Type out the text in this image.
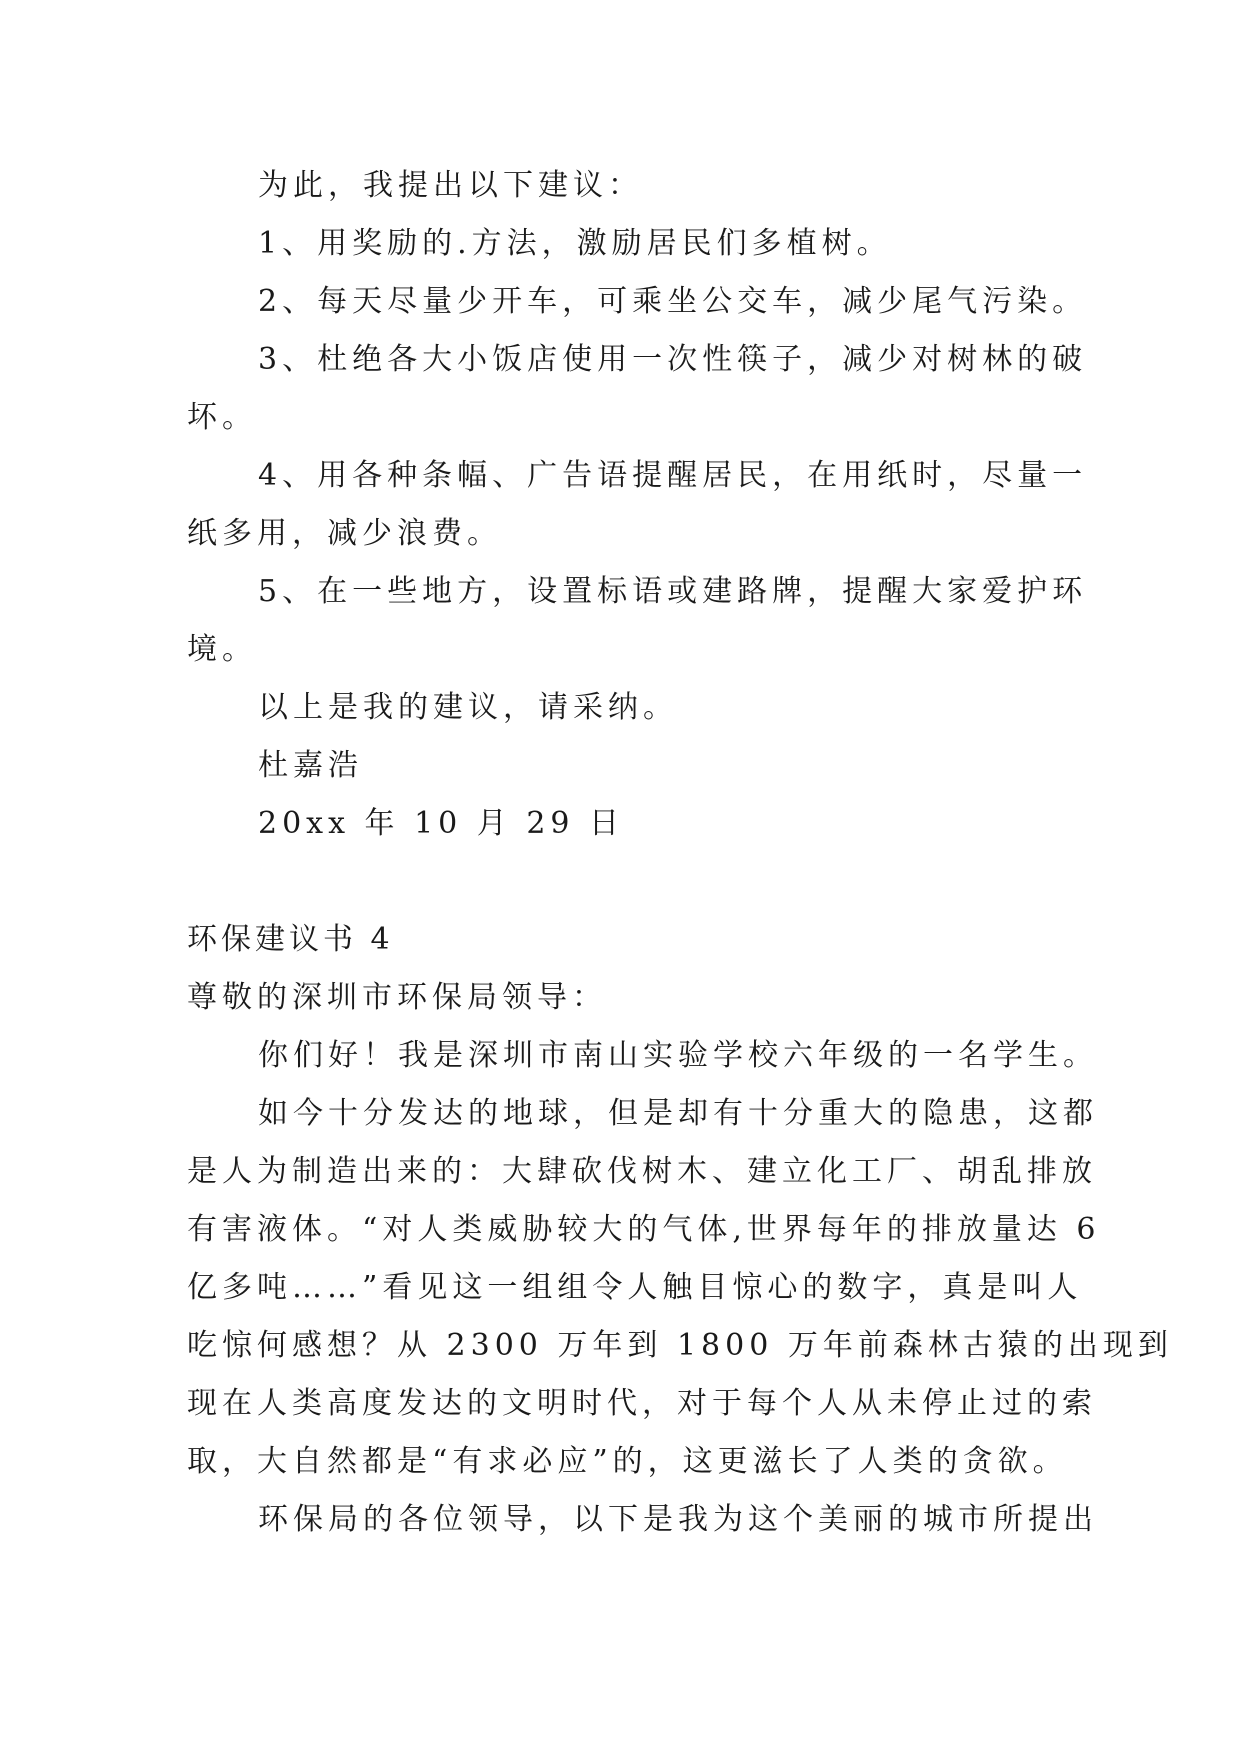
为此，我提出以下建议：
1、用奖励的.方法，激励居民们多植树。
2、每天尽量少开车，可乘坐公交车，减少尾气污染。
3、杜绝各大小饭店使用一次性筷子，减少对树林的破
坏。
4、用各种条幅、广告语提醒居民，在用纸时，尽量一
纸多用，减少浪费。
5、在一些地方，设置标语或建路牌，提醒大家爱护环
境。
以上是我的建议，请采纳。
杜嘉浩
20xx 年 10 月 29 日
环保建议书 4
尊敬的深圳市环保局领导：
你们好！我是深圳市南山实验学校六年级的一名学生。
如今十分发达的地球，但是却有十分重大的隐患，这都
是人为制造出来的：大肆砍伐树木、建立化工厂、胡乱排放
有害液体。“对人类威胁较大的气体,世界每年的排放量达 6
亿多吨……”看见这一组组令人触目惊心的数字，真是叫人
吃惊何感想？从 2300 万年到 1800 万年前森林古猿的出现到
现在人类高度发达的文明时代，对于每个人从未停止过的索
取，大自然都是“有求必应”的，这更滋长了人类的贪欲。
环保局的各位领导，以下是我为这个美丽的城市所提出
